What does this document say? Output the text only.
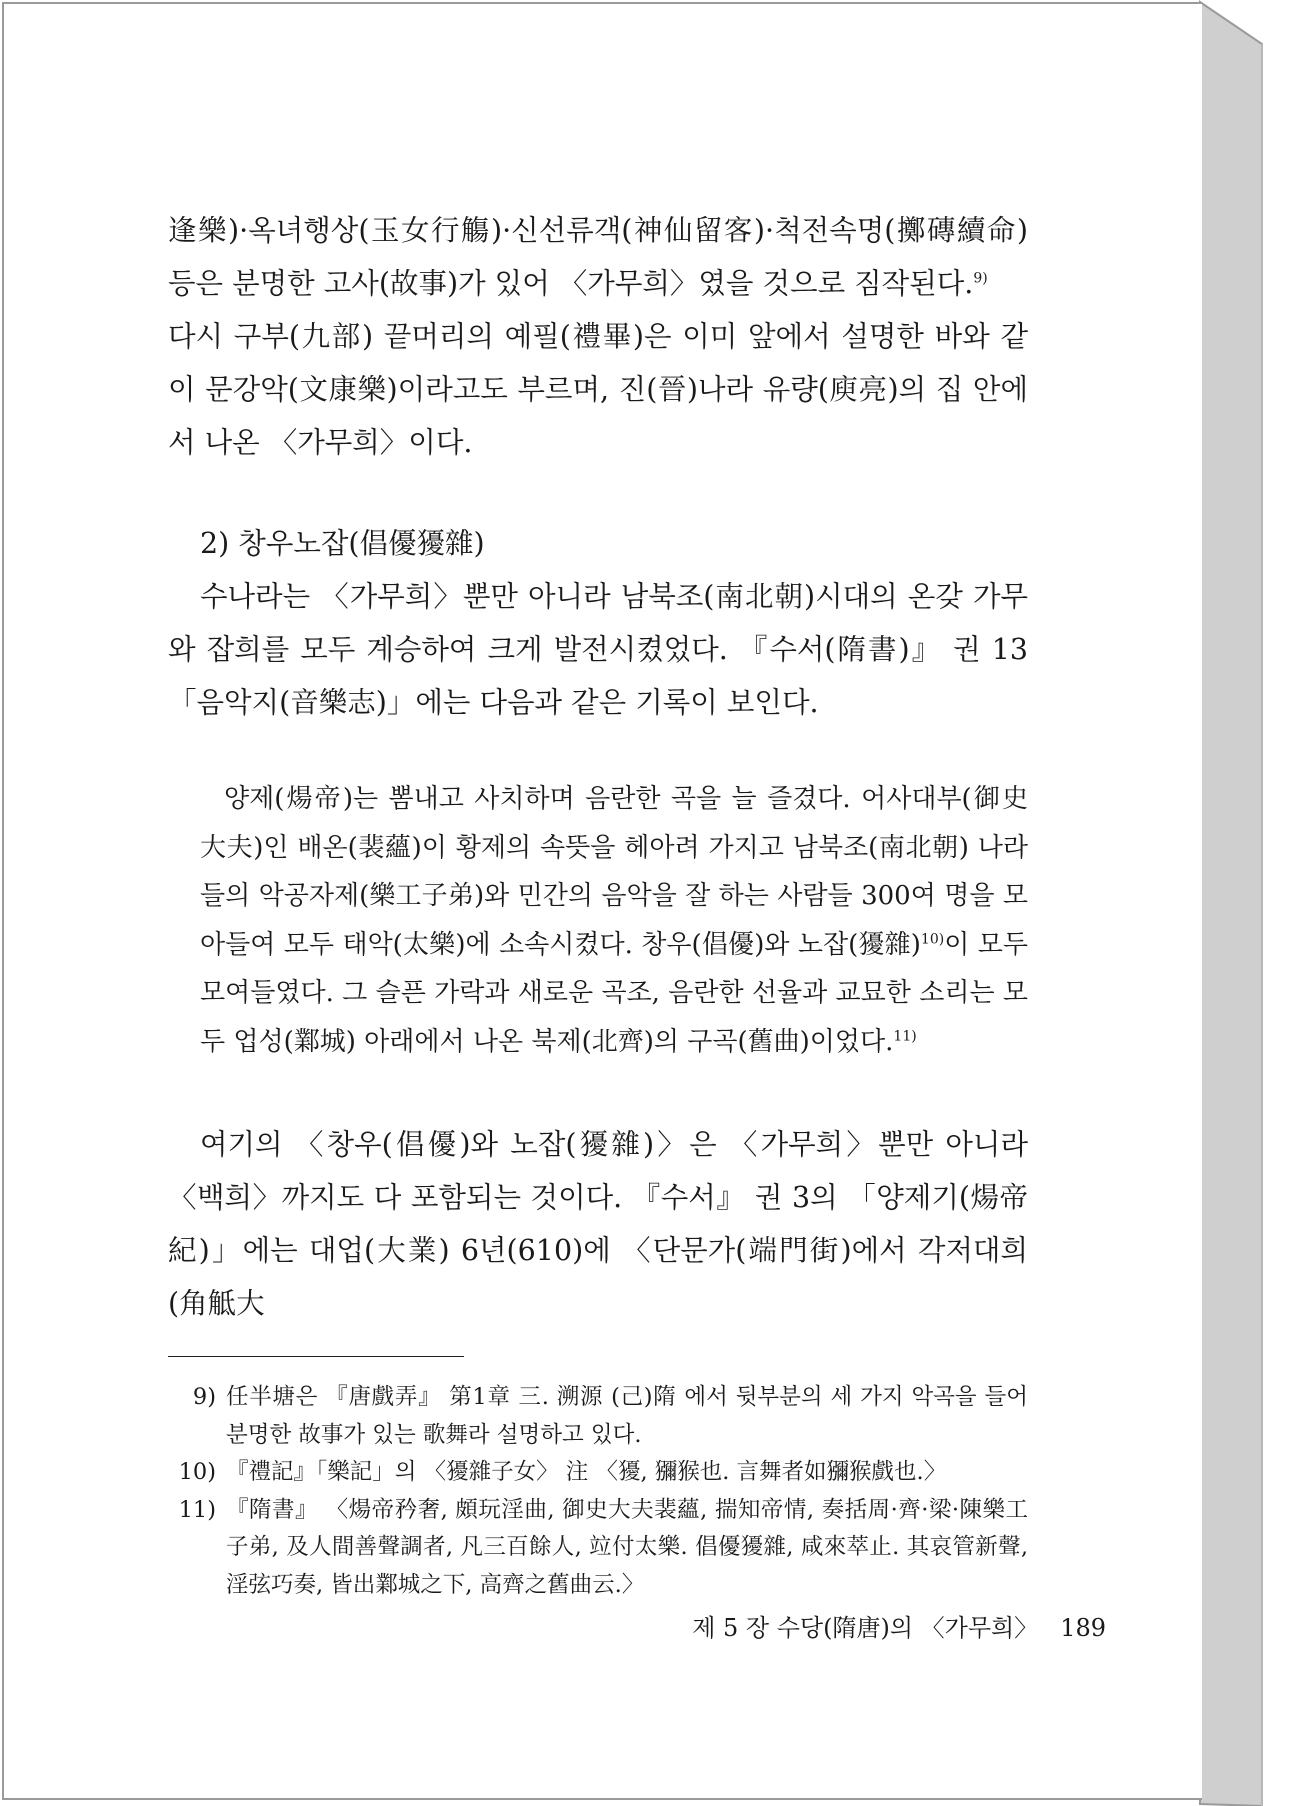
逢樂)·옥녀행상(玉女行觴)·신선류객(神仙留客)·척전속명(擲磚續命) 등은 분명한 고사(故事)가 있어 〈가무희〉였을 것으로 짐작된다.$^{9)}$

다시 구부(九部) 끝머리의 예필(禮畢)은 이미 앞에서 설명한 바와 같이 문강악(文康樂)이라고도 부르며, 진(晉)나라 유량(庾亮)의 집 안에서 나온 〈가무희〉이다.

2) 창우노잡(倡優獶雜)

수나라는 〈가무희〉뿐만 아니라 남북조(南北朝)시대의 온갖 가무와 잡희를 모두 계승하여 크게 발전시켰었다. 『수서(隋書)』 권 13 「음악지(音樂志)」에는 다음과 같은 기록이 보인다.

양제(煬帝)는 뽐내고 사치하며 음란한 곡을 늘 즐겼다. 어사대부(御史大夫)인 배온(裴蘊)이 황제의 속뜻을 헤아려 가지고 남북조(南北朝) 나라들의 악공자제(樂工子弟)와 민간의 음악을 잘 하는 사람들 300여 명을 모아들여 모두 태악(太樂)에 소속시켰다. 창우(倡優)와 노잡(獶雜)$^{10)}$이 모두 모여들였다. 그 슬픈 가락과 새로운 곡조, 음란한 선율과 교묘한 소리는 모두 업성(鄴城) 아래에서 나온 북제(北齊)의 구곡(舊曲)이었다.$^{11)}$

여기의 〈창우(倡優)와 노잡(獶雜)〉은 〈가무희〉뿐만 아니라 〈백희〉까지도 다 포함되는 것이다. 『수서』 권 3의 「양제기(煬帝紀)」에는 대업(大業) 6년(610)에 〈단문가(端門街)에서 각저대희(角觝大

9) 任半塘은 『唐戲弄』 第1章 三. 溯源 (己)隋 에서 뒷부분의 세 가지 악곡을 들어 분명한 故事가 있는 歌舞라 설명하고 있다.
10) 『禮記』「樂記」의 〈獶雜子女〉 注 〈獶, 獼猴也. 言舞者如獼猴戲也.〉
11) 『隋書』 〈煬帝矜奢, 頗玩淫曲, 御史大夫裴蘊, 揣知帝情, 奏括周·齊·梁·陳樂工子弟, 及人間善聲調者, 凡三百餘人, 竝付太樂. 倡優獶雜, 咸來萃止. 其哀管新聲, 淫弦巧奏, 皆出鄴城之下, 高齊之舊曲云.〉
제 5 장 수당(隋唐)의 〈가무희〉 189
